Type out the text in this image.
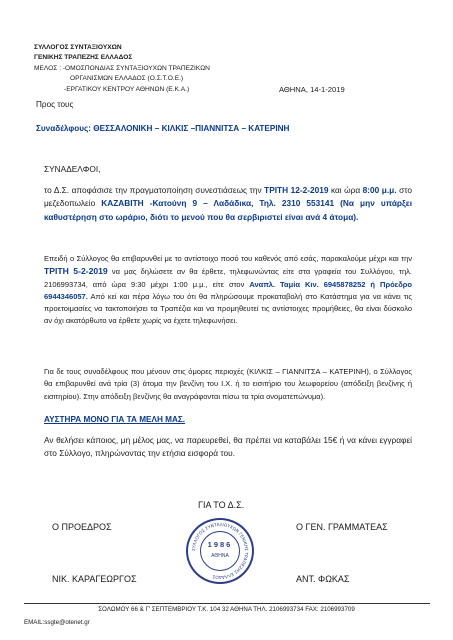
ΣΥΛΛΟΓΟΣ ΣΥΝΤΑΞΙΟΥΧΩΝ
ΓΕΝΙΚΗΣ ΤΡΑΠΕΖΗΣ ΕΛΛΑΔΟΣ
ΜΕΛΟΣ : -ΟΜΟΣΠΟΝΔΙΑΣ ΣΥΝΤΑΞΙΟΥΧΩΝ ΤΡΑΠΕΖΙΚΩΝ
ΟΡΓΑΝΙΣΜΩΝ ΕΛΛΑΔΟΣ (Ο.Σ.Τ.Ο.Ε.)
-ΕΡΓΑΤΙΚΟΥ ΚΕΝΤΡΟΥ ΑΘΗΝΩΝ (Ε.Κ.Α.)	ΑΘΗΝΑ, 14-1-2019
Προς τους
Συναδέλφους: ΘΕΣΣΑΛΟΝΙΚΗ – ΚΙΛΚΙΣ –ΠΙΑΝΝΙΤΣΑ – ΚΑΤΕΡΙΝΗ
ΣΥΝΑΔΕΛΦΟΙ,
το Δ.Σ. αποφάσισε την πραγματοποίηση συνεστιάσεως την ΤΡΙΤΗ 12-2-2019 και ώρα 8:00 μ.μ. στο μεζεδοπωλείο ΚΑΖΑΒΙΤΗ -Κατούνη 9 – Λαδάδικα, Τηλ. 2310 553141 (Να μην υπάρξει καθυστέρηση στο ωράριο, διότι το μενού που θα σερβιριστεί είναι ανά 4 άτομα).
Επειδή ο Σύλλογος θα επιβαρυνθεί με το αντίστοιχο ποσό του καθενός από εσάς, παρακαλούμε μέχρι και την ΤΡΙΤΗ 5-2-2019 να μας δηλώσετε αν θα έρθετε, τηλεφωνώντας είτε στα γραφεία του Συλλόγου, τηλ. 2106993734, από ώρα 9:30 μέχρι 1:00 μ.μ., είτε στον Αναπλ. Ταμία Κιν. 6945878252 ή Πρόεδρο 6944346057. Από κεί και πέρα λόγω του ότι θα πληρώσουμε προκαταβολή στο Κατάστημα για να κάνει τις προετοιμασίες να τακτοποιήσει τα Τραπέζια και να προμηθευτεί τις αντίστοιχες προμήθειες, θα είναι δύσκολο αν όχι ακατόρθωτο να έρθετε χωρίς να έχετε τηλεφωνήσει.
Για δε τους συναδέλφους που μένουν στις όμορες περιοχές (ΚΙΛΚΙΣ – ΓΙΑΝΝΙΤΣΑ – ΚΑΤΕΡΙΝΗ), ο Σύλλογος θα επιβαρυνθεί ανά τρία (3) άτομα την βενζίνη του Ι.Χ. ή το εισιτήριο του λεωφορείου (απόδειξη βενζίνης ή εισιτηρίου). Στην απόδειξη βενζίνης θα αναγράφονται πίσω τα τρία ονοματεπώνυμα).
ΑΥΣΤΗΡΑ ΜΟΝΟ ΓΙΑ ΤΑ ΜΕΛΗ ΜΑΣ.
Αν θελήσει κάποιος, μη μέλος μας, να παρευρεθεί, θα πρέπει να καταβάλει 15€ ή να κάνει εγγραφεί στο Σύλλογο, πληρώνοντας την ετήσια εισφορά του.
ΓΙΑ ΤΟ Δ.Σ.
Ο ΠΡΟΕΔΡΟΣ	Ο ΓΕΝ. ΓΡΑΜΜΑΤΕΑΣ
ΝΙΚ. ΚΑΡΑΓΕΩΡΓΟΣ	ΑΝΤ. ΦΩΚΑΣ
ΣΥΛΛΟΓΟΣ ΣΥΝΤΑΞΙΟΥΧΩΝ ΓΕΝΙΚΗΣ ΤΡΑΠΕΖΗΣ ΕΛΛΑΔΟΣ
1986
ΑΘΗΝΑ
ΣΟΛΩΜΟΥ 66 & Γ' ΣΕΠΤΕΜΒΡΙΟΥ Τ.Κ. 104 32 ΑΘΗΝΑ ΤΗΛ. 2106993734 FAX: 2106993709
EMAIL:ssgte@otenet.gr
